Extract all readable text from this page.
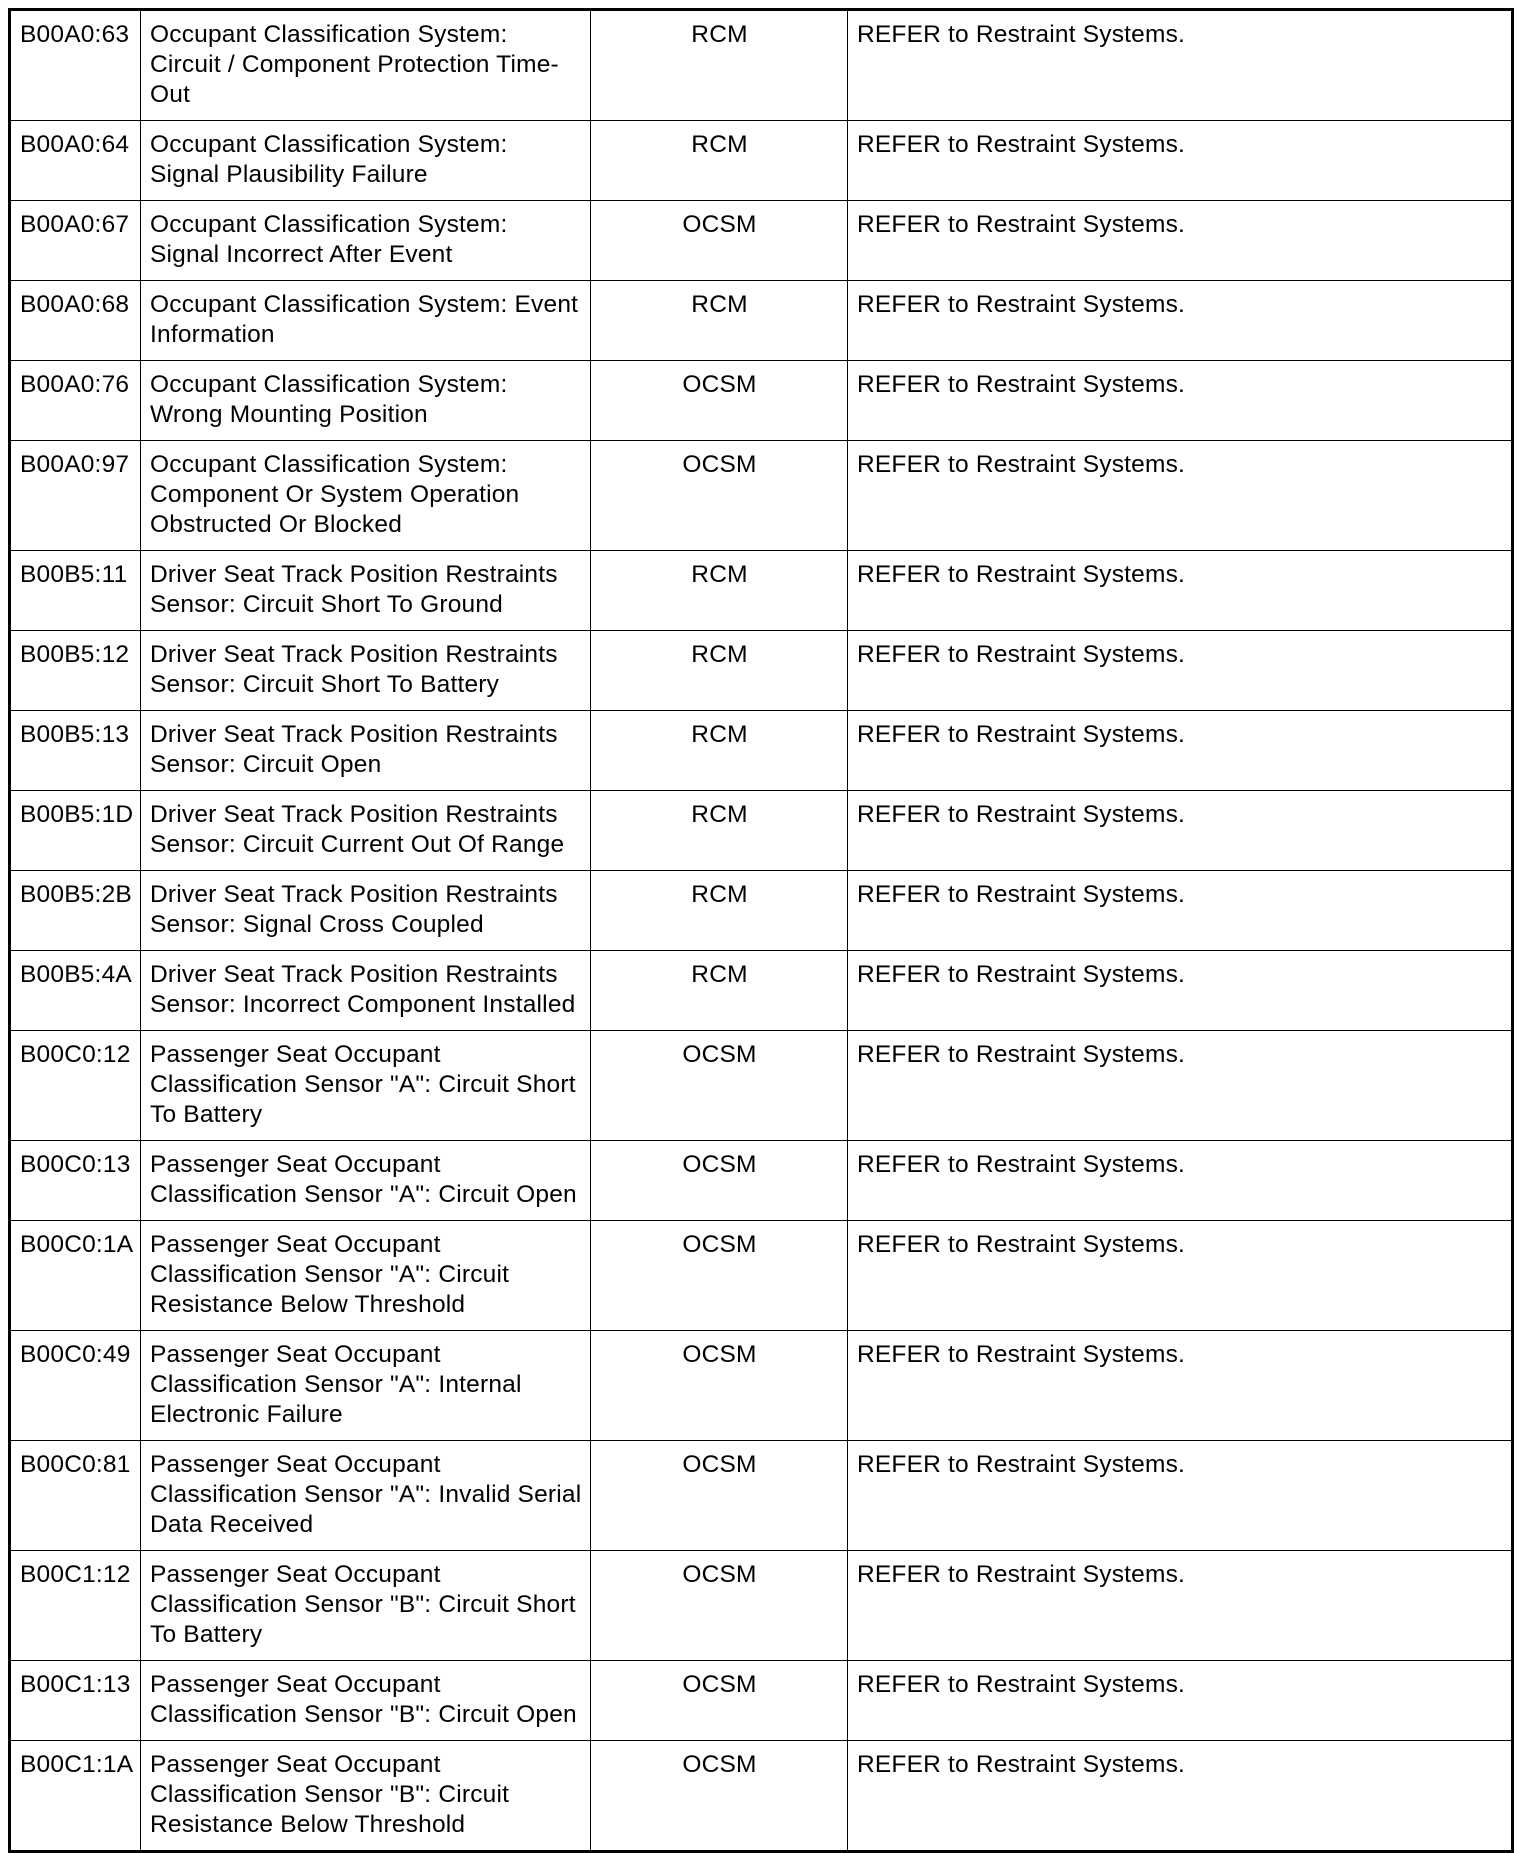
B00A0:63	Occupant Classification System: Circuit / Component Protection Time-Out	RCM	REFER to Restraint Systems.
B00A0:64	Occupant Classification System: Signal Plausibility Failure	RCM	REFER to Restraint Systems.
B00A0:67	Occupant Classification System: Signal Incorrect After Event	OCSM	REFER to Restraint Systems.
B00A0:68	Occupant Classification System: Event Information	RCM	REFER to Restraint Systems.
B00A0:76	Occupant Classification System: Wrong Mounting Position	OCSM	REFER to Restraint Systems.
B00A0:97	Occupant Classification System: Component Or System Operation Obstructed Or Blocked	OCSM	REFER to Restraint Systems.
B00B5:11	Driver Seat Track Position Restraints Sensor: Circuit Short To Ground	RCM	REFER to Restraint Systems.
B00B5:12	Driver Seat Track Position Restraints Sensor: Circuit Short To Battery	RCM	REFER to Restraint Systems.
B00B5:13	Driver Seat Track Position Restraints Sensor: Circuit Open	RCM	REFER to Restraint Systems.
B00B5:1D	Driver Seat Track Position Restraints Sensor: Circuit Current Out Of Range	RCM	REFER to Restraint Systems.
B00B5:2B	Driver Seat Track Position Restraints Sensor: Signal Cross Coupled	RCM	REFER to Restraint Systems.
B00B5:4A	Driver Seat Track Position Restraints Sensor: Incorrect Component Installed	RCM	REFER to Restraint Systems.
B00C0:12	Passenger Seat Occupant Classification Sensor "A": Circuit Short To Battery	OCSM	REFER to Restraint Systems.
B00C0:13	Passenger Seat Occupant Classification Sensor "A": Circuit Open	OCSM	REFER to Restraint Systems.
B00C0:1A	Passenger Seat Occupant Classification Sensor "A": Circuit Resistance Below Threshold	OCSM	REFER to Restraint Systems.
B00C0:49	Passenger Seat Occupant Classification Sensor "A": Internal Electronic Failure	OCSM	REFER to Restraint Systems.
B00C0:81	Passenger Seat Occupant Classification Sensor "A": Invalid Serial Data Received	OCSM	REFER to Restraint Systems.
B00C1:12	Passenger Seat Occupant Classification Sensor "B": Circuit Short To Battery	OCSM	REFER to Restraint Systems.
B00C1:13	Passenger Seat Occupant Classification Sensor "B": Circuit Open	OCSM	REFER to Restraint Systems.
B00C1:1A	Passenger Seat Occupant Classification Sensor "B": Circuit Resistance Below Threshold	OCSM	REFER to Restraint Systems.
